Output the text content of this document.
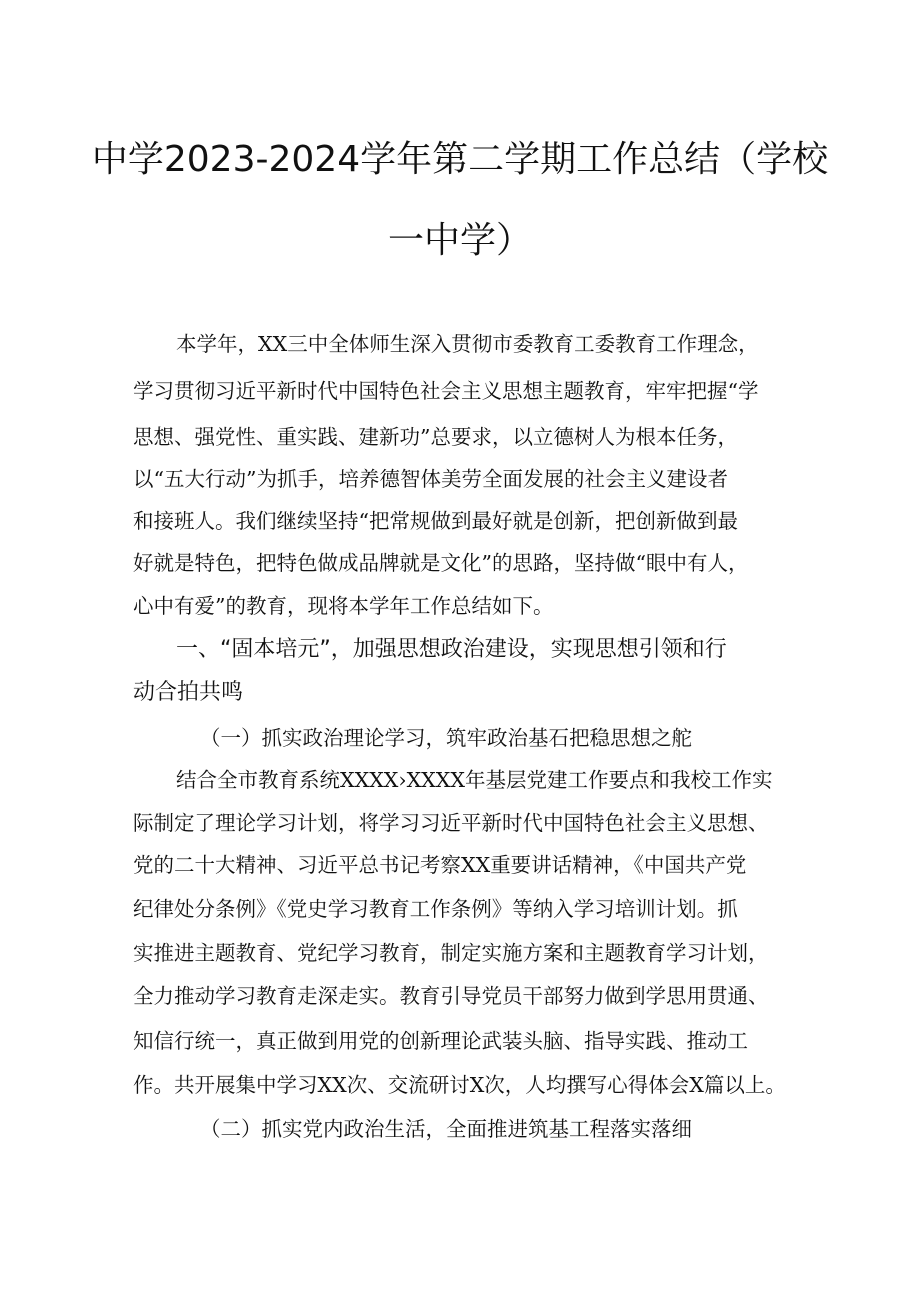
中学2023-2024学年第二学期工作总结（学校
一中学）
本学年，XX三中全体师生深入贯彻市委教育工委教育工作理念，
学习贯彻习近平新时代中国特色社会主义思想主题教育，牢牢把握“学
思想、强党性、重实践、建新功”总要求，以立德树人为根本任务，
以“五大行动”为抓手，培养德智体美劳全面发展的社会主义建设者
和接班人。我们继续坚持“把常规做到最好就是创新，把创新做到最
好就是特色，把特色做成品牌就是文化”的思路，坚持做“眼中有人，
心中有爱”的教育，现将本学年工作总结如下。
一、“固本培元”，加强思想政治建设，实现思想引领和行
动合拍共鸣
（一）抓实政治理论学习，筑牢政治基石把稳思想之舵
结合全市教育系统XXXX›XXXX年基层党建工作要点和我校工作实
际制定了理论学习计划，将学习习近平新时代中国特色社会主义思想、
党的二十大精神、习近平总书记考察XX重要讲话精神，《中国共产党
纪律处分条例》《党史学习教育工作条例》等纳入学习培训计划。抓
实推进主题教育、党纪学习教育，制定实施方案和主题教育学习计划，
全力推动学习教育走深走实。教育引导党员干部努力做到学思用贯通、
知信行统一，真正做到用党的创新理论武装头脑、指导实践、推动工
作。共开展集中学习XX次、交流研讨X次，人均撰写心得体会X篇以上。
（二）抓实党内政治生活，全面推进筑基工程落实落细
